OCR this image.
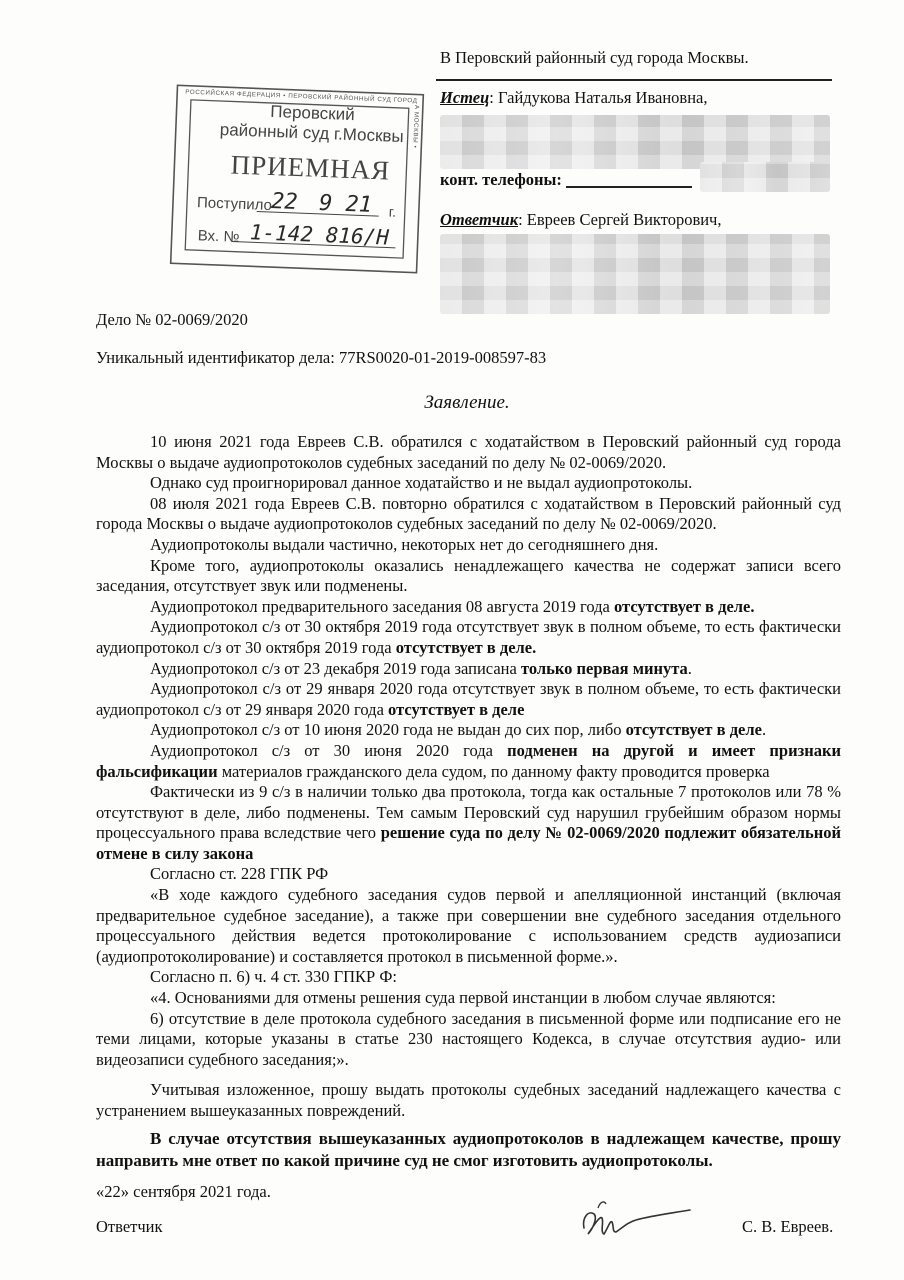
В Перовский районный суд города Москвы.
Истец: Гайдукова Наталья Ивановна,
конт. телефоны:
Ответчик: Евреев Сергей Викторович,
РОССИЙСКАЯ ФЕДЕРАЦИЯ • ПЕРОВСКИЙ РАЙОННЫЙ СУД ГОРОДА МОСКВЫ •
Перовский
районный суд г.Москвы
ПРИЕМНАЯ
Поступило
22 9 21 г.
Вх. № 1-142 816/Н
Дело № 02-0069/2020
Уникальный идентификатор дела: 77RS0020-01-2019-008597-83
Заявление.

10 июня 2021 года Евреев С.В. обратился с ходатайством в Перовский районный суд города Москвы о выдаче аудиопротоколов судебных заседаний по делу № 02-0069/2020.

Однако суд проигнорировал данное ходатайство и не выдал аудиопротоколы.

08 июля 2021 года Евреев С.В. повторно обратился с ходатайством в Перовский районный суд города Москвы о выдаче аудиопротоколов судебных заседаний по делу № 02-0069/2020.

Аудиопротоколы выдали частично, некоторых нет до сегодняшнего дня.

Кроме того, аудиопротоколы оказались ненадлежащего качества не содержат записи всего заседания, отсутствует звук или подменены.

Аудиопротокол предварительного заседания 08 августа 2019 года отсутствует в деле.

Аудиопротокол с/з от 30 октября 2019 года отсутствует звук в полном объеме, то есть фактически аудиопротокол с/з от 30 октября 2019 года отсутствует в деле.

Аудиопротокол с/з от 23 декабря 2019 года записана только первая минута.

Аудиопротокол с/з от 29 января 2020 года отсутствует звук в полном объеме, то есть фактически аудиопротокол с/з от 29 января 2020 года отсутствует в деле

Аудиопротокол с/з от 10 июня 2020 года не выдан до сих пор, либо отсутствует в деле.

Аудиопротокол с/з от 30 июня 2020 года подменен на другой и имеет признаки фальсификации материалов гражданского дела судом, по данному факту проводится проверка

Фактически из 9 с/з в наличии только два протокола, тогда как остальные 7 протоколов или 78 % отсутствуют в деле, либо подменены. Тем самым Перовский суд нарушил грубейшим образом нормы процессуального права вследствие чего решение суда по делу № 02-0069/2020 подлежит обязательной отмене в силу закона

Согласно ст. 228 ГПК РФ

«В ходе каждого судебного заседания судов первой и апелляционной инстанций (включая предварительное судебное заседание), а также при совершении вне судебного заседания отдельного процессуального действия ведется протоколирование с использованием средств аудиозаписи (аудиопротоколирование) и составляется протокол в письменной форме.».

Согласно п. 6) ч. 4 ст. 330 ГПКР Ф:

«4. Основаниями для отмены решения суда первой инстанции в любом случае являются:

6) отсутствие в деле протокола судебного заседания в письменной форме или подписание его не теми лицами, которые указаны в статье 230 настоящего Кодекса, в случае отсутствия аудио- или видеозаписи судебного заседания;».

Учитывая изложенное, прошу выдать протоколы судебных заседаний надлежащего качества с устранением вышеуказанных повреждений.

В случае отсутствия вышеуказанных аудиопротоколов в надлежащем качестве, прошу направить мне ответ по какой причине суд не смог изготовить аудиопротоколы.

«22» сентября 2021 года.
Ответчик	С. В. Евреев.
